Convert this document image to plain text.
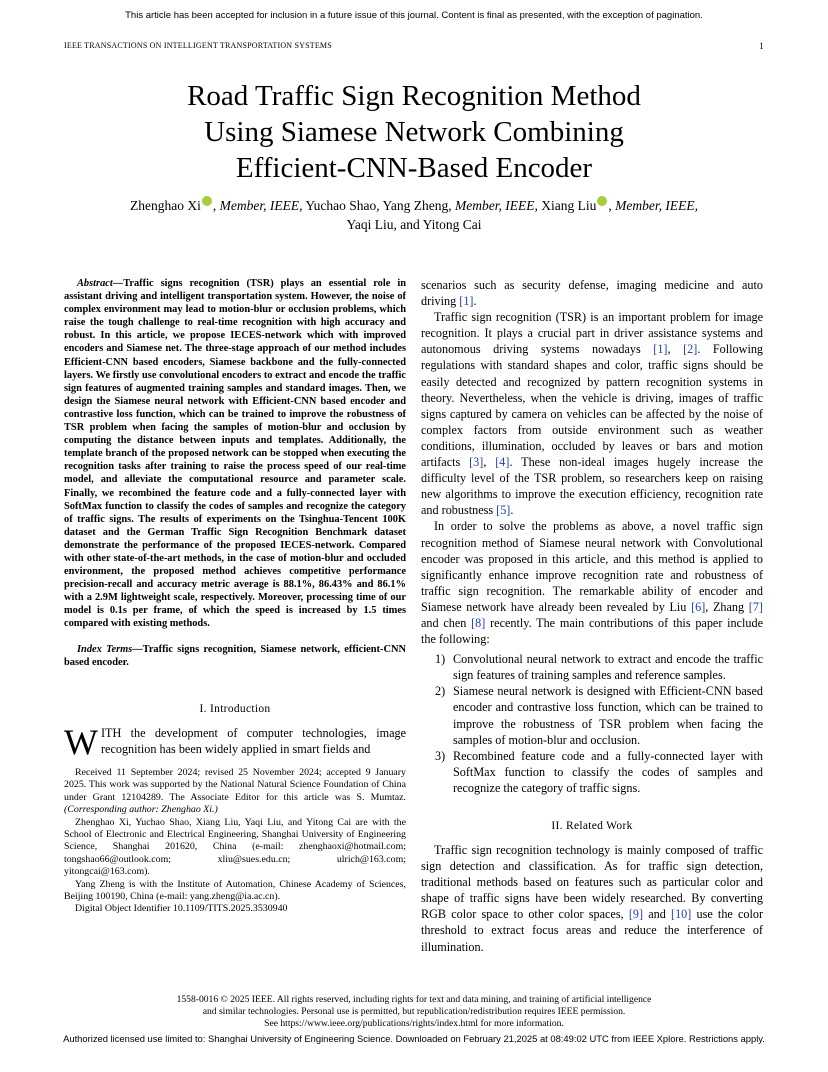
This article has been accepted for inclusion in a future issue of this journal. Content is final as presented, with the exception of pagination.
IEEE TRANSACTIONS ON INTELLIGENT TRANSPORTATION SYSTEMS	1
Road Traffic Sign Recognition Method
Using Siamese Network Combining
Efficient-CNN-Based Encoder
Zhenghao Xi , Member, IEEE, Yuchao Shao, Yang Zheng, Member, IEEE, Xiang Liu , Member, IEEE,
Yaqi Liu, and Yitong Cai

Abstract—Traffic signs recognition (TSR) plays an essential role in assistant driving and intelligent transportation system. However, the noise of complex environment may lead to motion-blur or occlusion problems, which raise the tough challenge to real-time recognition with high accuracy and robust. In this article, we propose IECES-network which with improved encoders and Siamese net. The three-stage approach of our method includes Efficient-CNN based encoders, Siamese backbone and the fully-connected layers. We firstly use convolutional encoders to extract and encode the traffic sign features of augmented training samples and standard images. Then, we design the Siamese neural network with Efficient-CNN based encoder and contrastive loss function, which can be trained to improve the robustness of TSR problem when facing the samples of motion-blur and occlusion by computing the distance between inputs and templates. Additionally, the template branch of the proposed network can be stopped when executing the recognition tasks after training to raise the process speed of our real-time model, and alleviate the computational resource and parameter scale. Finally, we recombined the feature code and a fully-connected layer with SoftMax function to classify the codes of samples and recognize the category of traffic signs. The results of experiments on the Tsinghua-Tencent 100K dataset and the German Traffic Sign Recognition Benchmark dataset demonstrate the performance of the proposed IECES-network. Compared with other state-of-the-art methods, in the case of motion-blur and occluded environment, the proposed method achieves competitive performance precision-recall and accuracy metric average is 88.1%, 86.43% and 86.1% with a 2.9M lightweight scale, respectively. Moreover, processing time of our model is 0.1s per frame, of which the speed is increased by 1.5 times compared with existing methods.

Index Terms—Traffic signs recognition, Siamese network, efficient-CNN based encoder.

I. Introduction

WITH the development of computer technologies, image recognition has been widely applied in smart fields and

Received 11 September 2024; revised 25 November 2024; accepted 9 January 2025. This work was supported by the National Natural Science Foundation of China under Grant 12104289. The Associate Editor for this article was S. Mumtaz. (Corresponding author: Zhenghao Xi.)

Zhenghao Xi, Yuchao Shao, Xiang Liu, Yaqi Liu, and Yitong Cai are with the School of Electronic and Electrical Engineering, Shanghai University of Engineering Science, Shanghai 201620, China (e-mail: zhenghaoxi@hotmail.com; tongshao66@outlook.com; xliu@sues.edu.cn; ulrich@163.com; yitongcai@163.com).

Yang Zheng is with the Institute of Automation, Chinese Academy of Sciences, Beijing 100190, China (e-mail: yang.zheng@ia.ac.cn).

Digital Object Identifier 10.1109/TITS.2025.3530940

scenarios such as security defense, imaging medicine and auto driving [1].

Traffic sign recognition (TSR) is an important problem for image recognition. It plays a crucial part in driver assistance systems and autonomous driving systems nowadays [1], [2]. Following regulations with standard shapes and color, traffic signs should be easily detected and recognized by pattern recognition systems in theory. Nevertheless, when the vehicle is driving, images of traffic signs captured by camera on vehicles can be affected by the noise of complex factors from outside environment such as weather conditions, illumination, occluded by leaves or bars and motion artifacts [3], [4]. These non-ideal images hugely increase the difficulty level of the TSR problem, so researchers keep on raising new algorithms to improve the execution efficiency, recognition rate and robustness [5].

In order to solve the problems as above, a novel traffic sign recognition method of Siamese neural network with Convolutional encoder was proposed in this article, and this method is applied to significantly enhance improve recognition rate and robustness of traffic sign recognition. The remarkable ability of encoder and Siamese network have already been revealed by Liu [6], Zhang [7] and chen [8] recently. The main contributions of this paper include the following:

1) Convolutional neural network to extract and encode the traffic sign features of training samples and reference samples.
2) Siamese neural network is designed with Efficient-CNN based encoder and contrastive loss function, which can be trained to improve the robustness of TSR problem when facing the samples of motion-blur and occlusion.
3) Recombined feature code and a fully-connected layer with SoftMax function to classify the codes of samples and recognize the category of traffic signs.
II. Related Work

Traffic sign recognition technology is mainly composed of traffic sign detection and classification. As for traffic sign detection, traditional methods based on features such as particular color and shape of traffic signs have been widely researched. By converting RGB color space to other color spaces, [9] and [10] use the color threshold to extract focus areas and reduce the interference of illumination.

1558-0016 © 2025 IEEE. All rights reserved, including rights for text and data mining, and training of artificial intelligence
and similar technologies. Personal use is permitted, but republication/redistribution requires IEEE permission.
See https://www.ieee.org/publications/rights/index.html for more information.
Authorized licensed use limited to: Shanghai University of Engineering Science. Downloaded on February 21,2025 at 08:49:02 UTC from IEEE Xplore. Restrictions apply.
